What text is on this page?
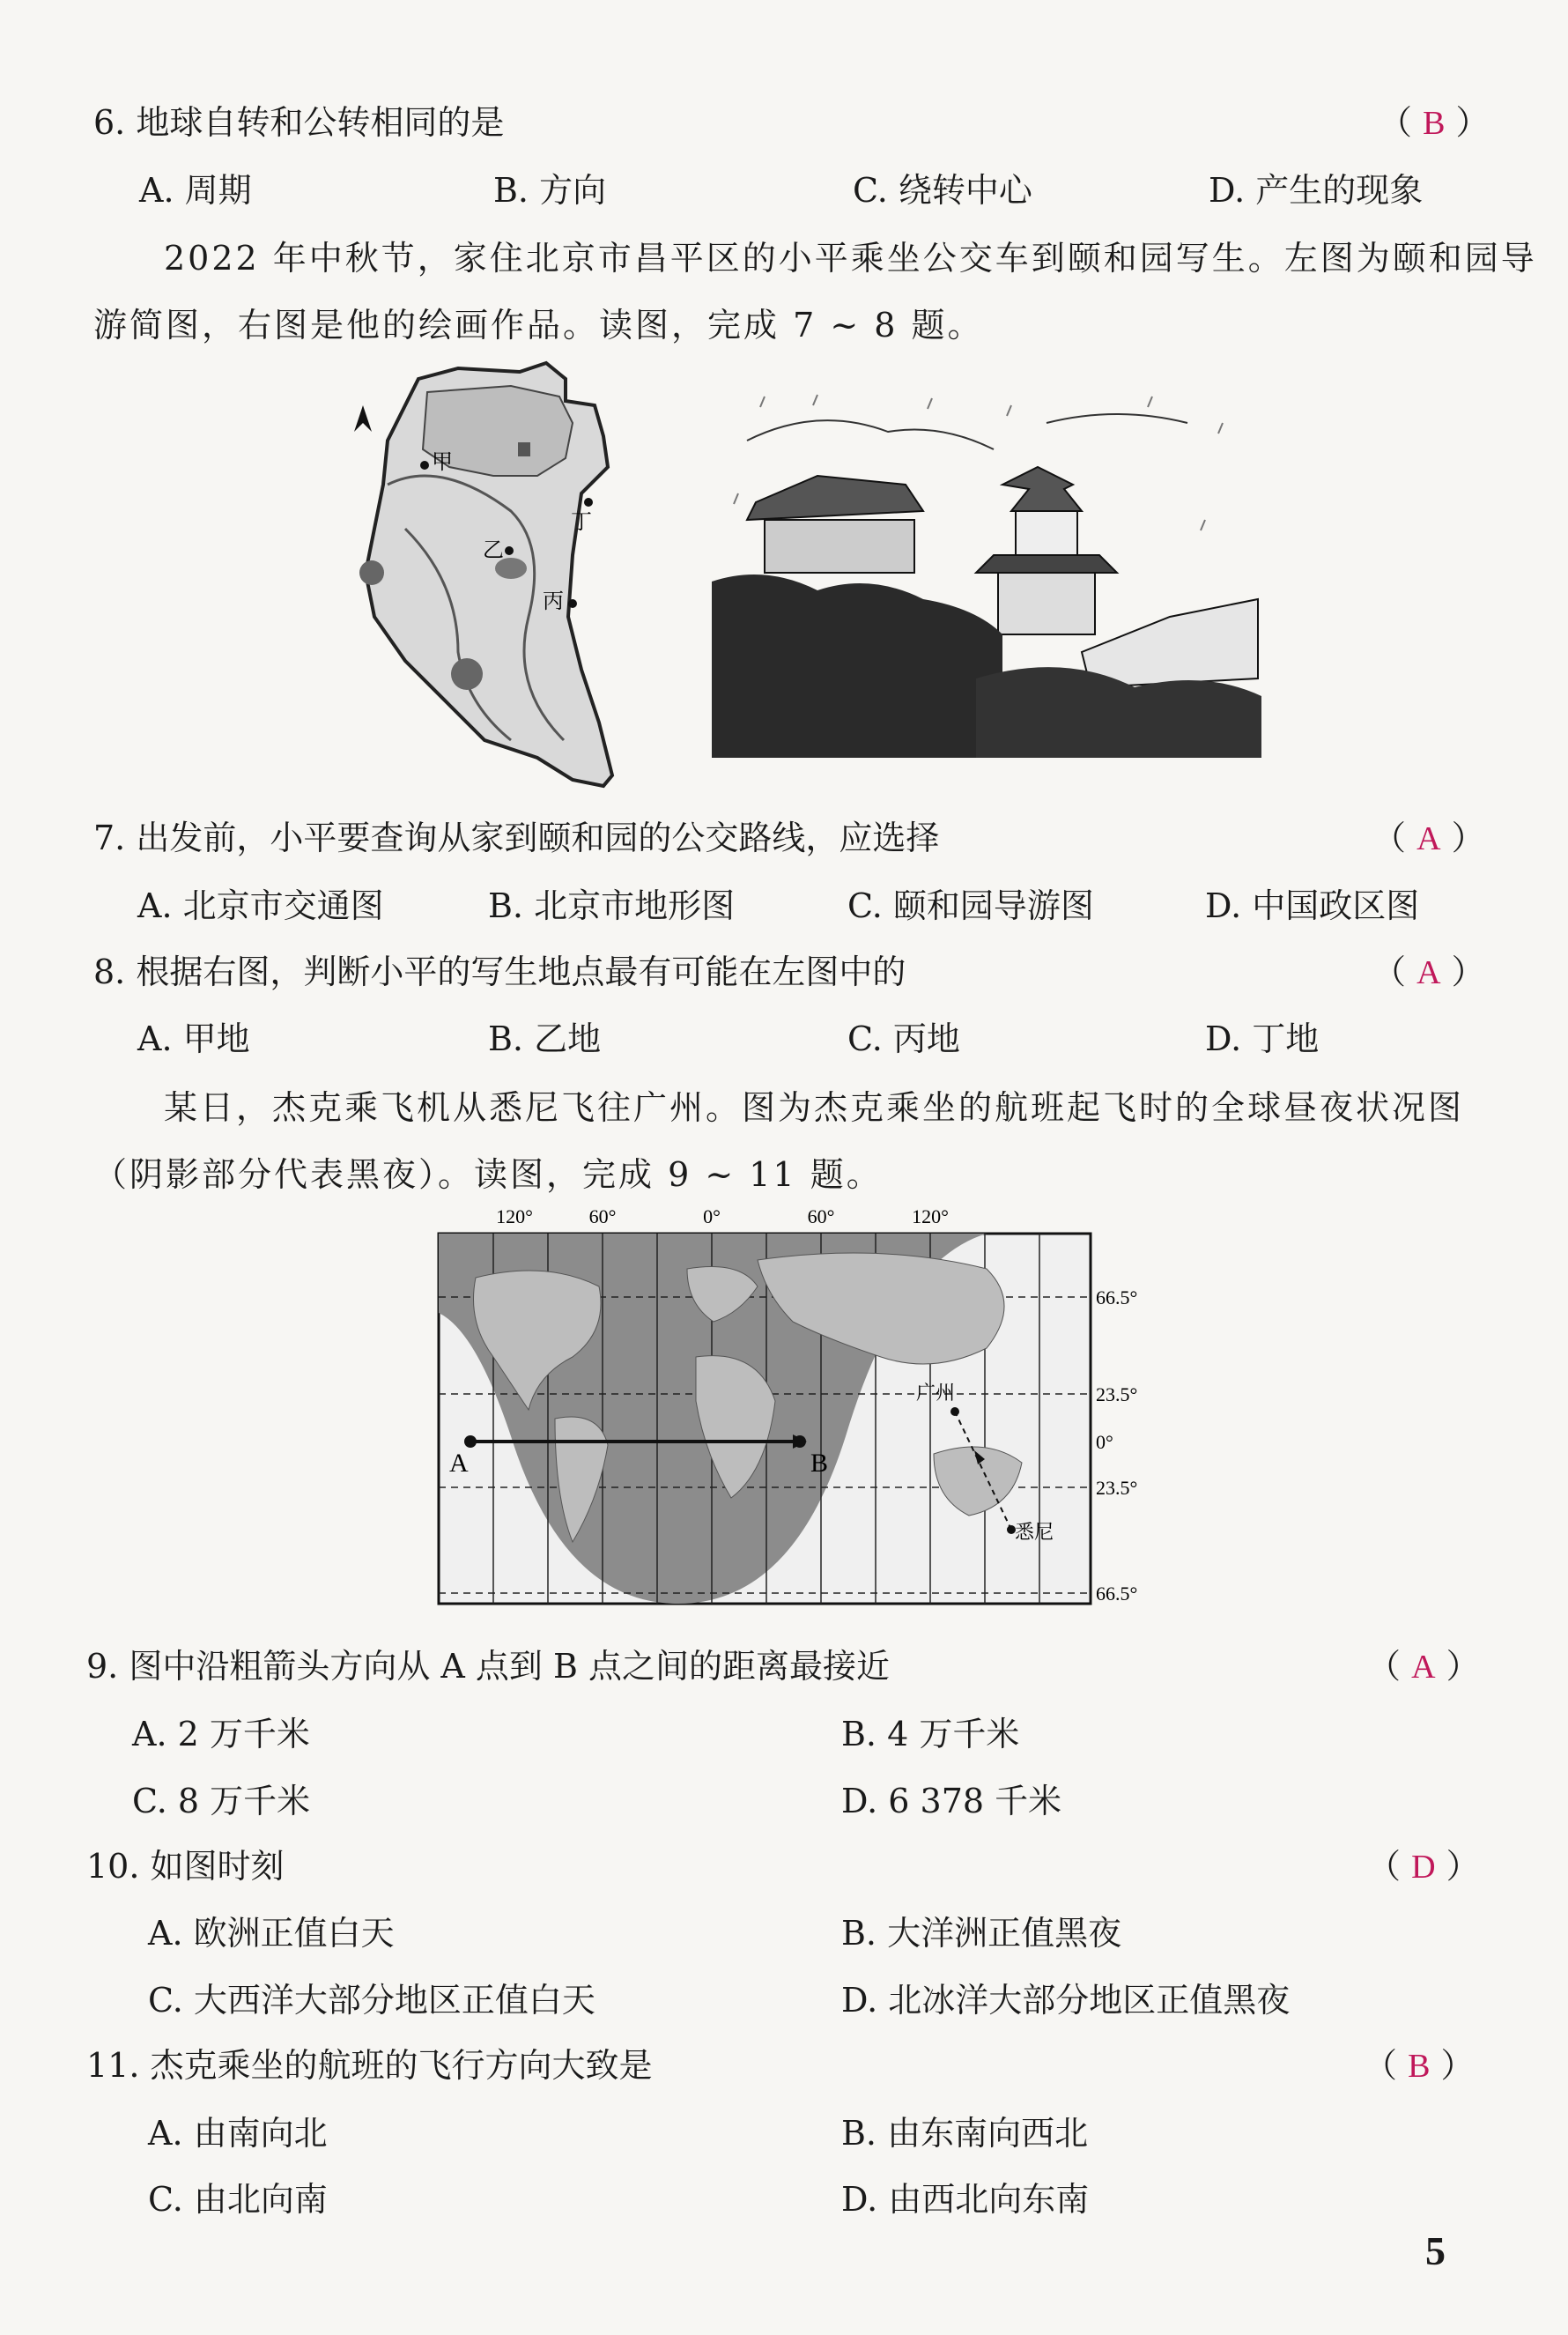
6. 地球自转和公转相同的是	（ B ）
A. 周期	B. 方向	C. 绕转中心	D. 产生的现象
2022 年中秋节，家住北京市昌平区的小平乘坐公交车到颐和园写生。左图为颐和园导
游简图，右图是他的绘画作品。读图，完成 7 ~ 8 题。
甲
乙
丙
丁
7. 出发前，小平要查询从家到颐和园的公交路线，应选择	（ A ）
A. 北京市交通图	B. 北京市地形图	C. 颐和园导游图	D. 中国政区图
8. 根据右图，判断小平的写生地点最有可能在左图中的	（ A ）
A. 甲地	B. 乙地	C. 丙地	D. 丁地
某日，杰克乘飞机从悉尼飞往广州。图为杰克乘坐的航班起飞时的全球昼夜状况图
（阴影部分代表黑夜）。读图，完成 9 ~ 11 题。
120°	60°	0°	60°	120°
66.5°
23.5°
0°
23.5°
66.5°
A	B
广州
悉尼
9. 图中沿粗箭头方向从 A 点到 B 点之间的距离最接近	（ A ）
A. 2 万千米	B. 4 万千米
C. 8 万千米	D. 6 378 千米
10. 如图时刻	（ D ）
A. 欧洲正值白天	B. 大洋洲正值黑夜
C. 大西洋大部分地区正值白天	D. 北冰洋大部分地区正值黑夜
11. 杰克乘坐的航班的飞行方向大致是	（ B ）
A. 由南向北	B. 由东南向西北
C. 由北向南	D. 由西北向东南
5
